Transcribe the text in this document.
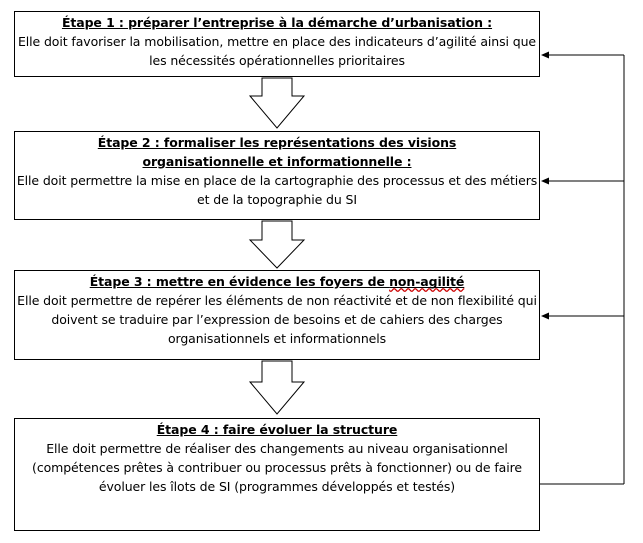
Étape 1 : préparer l’entreprise à la démarche d’urbanisation :
Elle doit favoriser la mobilisation, mettre en place des indicateurs d’agilité ainsi que les nécessités opérationnelles prioritaires
Étape 2 : formaliser les représentations des visions
organisationnelle et informationnelle :
Elle doit permettre la mise en place de la cartographie des processus et des métiers et de la topographie du SI
Étape 3 : mettre en évidence les foyers de non-agilité
Elle doit permettre de repérer les éléments de non réactivité et de non flexibilité qui doivent se traduire par l’expression de besoins et de cahiers des charges organisationnels et informationnels
Étape 4 : faire évoluer la structure
Elle doit permettre de réaliser des changements au niveau organisationnel (compétences prêtes à contribuer ou processus prêts à fonctionner) ou de faire évoluer les îlots de SI (programmes développés et testés)
